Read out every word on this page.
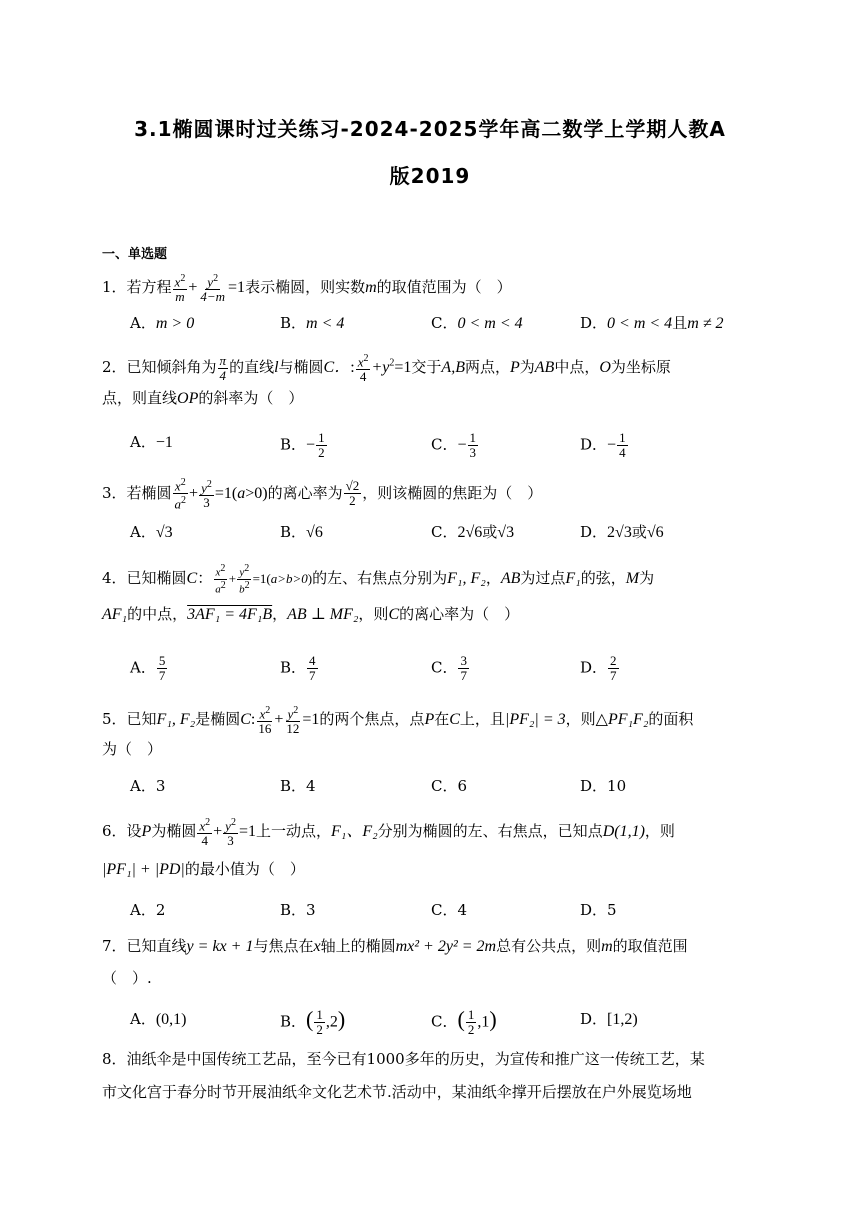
3.1椭圆课时过关练习-2024-2025学年高二数学上学期人教A
版2019
一、单选题
1．若方程 $\frac{x^2}{m} + \frac{y^2}{4-m} =1$表示椭圆，则实数m的取值范围为（　）
A．m > 0	B．m < 4	C．0 < m < 4	D．0 < m < 4且m ≠ 2
2．已知倾斜角为 $\frac{\pi}{4}$ 的直线l与椭圆C．: $\frac{x^2}{4} +y^2=1$交于A,B两点，P为AB中点，O为坐标原
点，则直线OP的斜率为（　）
A．−1	B．− $\frac{1}{2}$	C．− $\frac{1}{3}$	D．− $\frac{1}{4}$
3．若椭圆 $\frac{x^2}{a^2} + \frac{y^2}{3} =1(a>0)$的离心率为 $\frac{√2}{2}$ ，则该椭圆的焦距为（　）
A．√3	B．√6	C．2√6或√3	D．2√3或√6
4．已知椭圆C： $\frac{x^2}{a^2} + \frac{y^2}{b^2} =1(a>b>0)$的左、右焦点分别为F₁, F₂，AB为过点F₁的弦，M为
AF₁的中点，3AF₁ = 4F₁B，AB ⊥ MF₂，则C的离心率为（　）
A． $\frac{5}{7}$	B． $\frac{4}{7}$	C． $\frac{3}{7}$	D． $\frac{2}{7}$
5．已知F₁, F₂是椭圆C: $\frac{x^2}{16} + \frac{y^2}{12} =1$的两个焦点，点P在C上，且|PF₂| = 3，则△PF₁F₂的面积
为（　）
A．3	B．4	C．6	D．10
6．设P为椭圆 $\frac{x^2}{4} + \frac{y^2}{3} =1$上一动点，F₁、F₂分别为椭圆的左、右焦点，已知点D(1,1)，则
|PF₁| + |PD|的最小值为（　）
A．2	B．3	C．4	D．5
7．已知直线y = kx + 1与焦点在x轴上的椭圆mx² + 2y² = 2m总有公共点，则m的取值范围
（　）.
A．(0,1)	B．( $\frac{1}{2} ,2$)	C．( $\frac{1}{2} ,1$)	D．[1,2)
8．油纸伞是中国传统工艺品，至今已有1000多年的历史，为宣传和推广这一传统工艺，某
市文化宫于春分时节开展油纸伞文化艺术节.活动中，某油纸伞撑开后摆放在户外展览场地
